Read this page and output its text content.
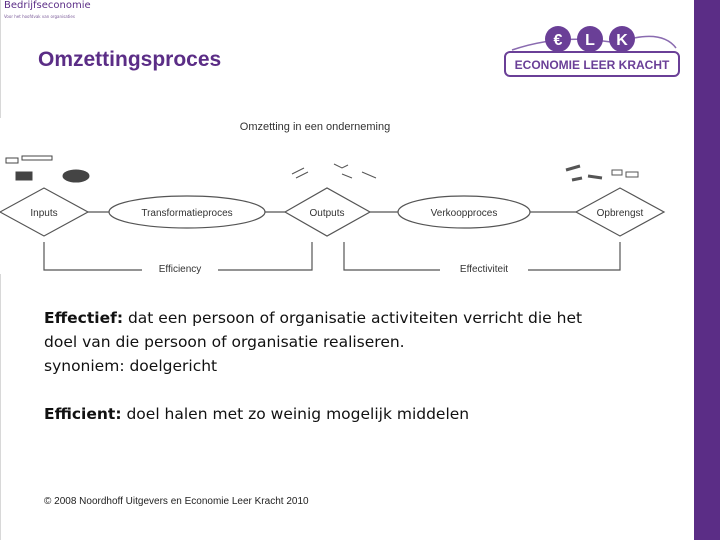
Bedrijfseconomie
Voor het hoofdvak van organisaties
Omzettingsproces
€ L K
ECONOMIE LEER KRACHT
Omzetting in een onderneming
Inputs	Transformatieproces	Outputs	Verkoopproces	Opbrengst
Efficiency	Effectiviteit

Effectief: dat een persoon of organisatie activiteiten verricht die het

doel van die persoon of organisatie realiseren.

synoniem: doelgericht

Efficient: doel halen met zo weinig mogelijk middelen

© 2008 Noordhoff Uitgevers en Economie Leer Kracht 2010
